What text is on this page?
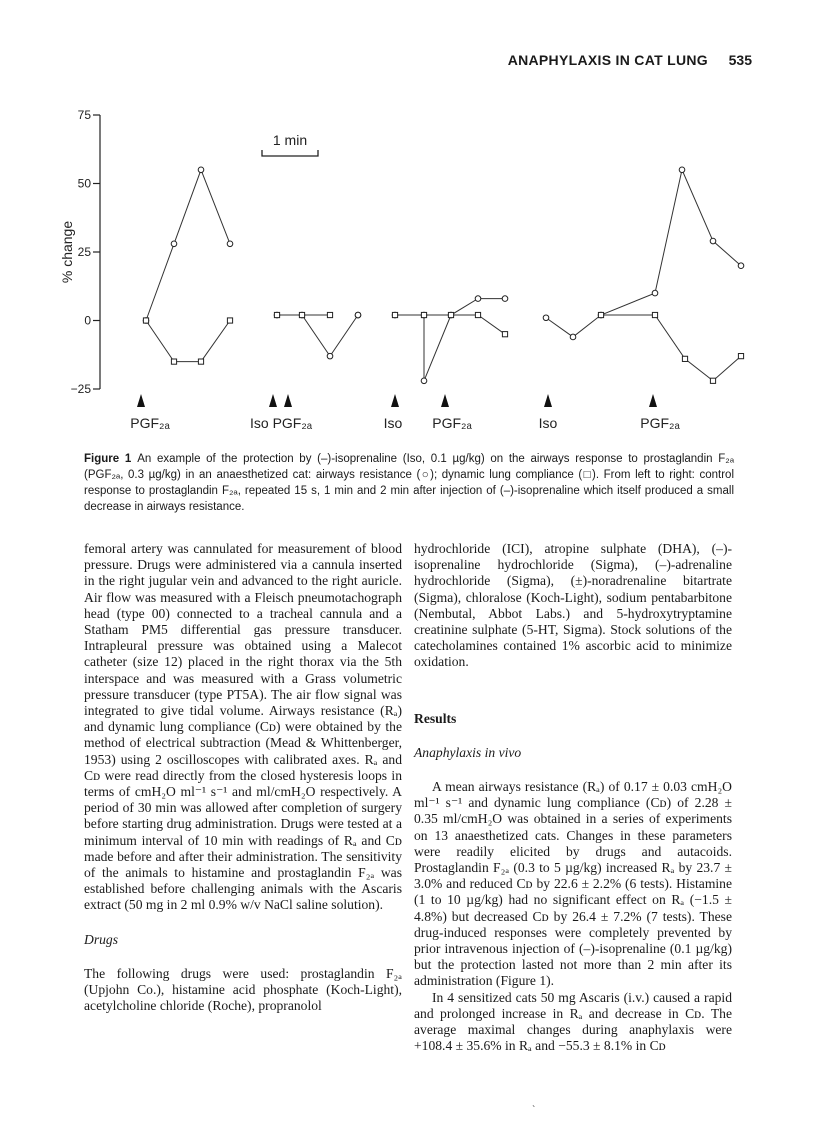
ANAPHYLAXIS IN CAT LUNG 535
75
50
25
0
−25
% change
1 min
PGF₂ₐ	Iso PGF₂ₐ	Iso PGF₂ₐ	Iso	PGF₂ₐ
Figure 1 An example of the protection by (–)-isoprenaline (Iso, 0.1 µg/kg) on the airways response to prostaglandin F₂ₐ (PGF₂ₐ, 0.3 µg/kg) in an anaesthetized cat: airways resistance (○); dynamic lung compliance (□). From left to right: control response to prostaglandin F₂ₐ, repeated 15 s, 1 min and 2 min after injection of (–)-isoprenaline which itself produced a small decrease in airways resistance.

femoral artery was cannulated for measurement of blood pressure. Drugs were administered via a cannula inserted in the right jugular vein and advanced to the right auricle. Air flow was measured with a Fleisch pneumotachograph head (type 00) connected to a tracheal cannula and a Statham PM5 differential gas pressure transducer. Intrapleural pressure was obtained using a Malecot catheter (size 12) placed in the right thorax via the 5th interspace and was measured with a Grass volumetric pressure transducer (type PT5A). The air flow signal was integrated to give tidal volume. Airways resistance (Rₐ) and dynamic lung compliance (Cᴅ) were obtained by the method of electrical subtraction (Mead & Whittenberger, 1953) using 2 oscilloscopes with calibrated axes. Rₐ and Cᴅ were read directly from the closed hysteresis loops in terms of cmH₂O ml⁻¹ s⁻¹ and ml/cmH₂O respectively. A period of 30 min was allowed after completion of surgery before starting drug administration. Drugs were tested at a minimum interval of 10 min with readings of Rₐ and Cᴅ made before and after their administration. The sensitivity of the animals to histamine and prostaglandin F₂ₐ was established before challenging animals with the Ascaris extract (50 mg in 2 ml 0.9% w/v NaCl saline solution).

Drugs

The following drugs were used: prostaglandin F₂ₐ (Upjohn Co.), histamine acid phosphate (Koch-Light), acetylcholine chloride (Roche), propranolol

hydrochloride (ICI), atropine sulphate (DHA), (–)-isoprenaline hydrochloride (Sigma), (–)-adrenaline hydrochloride (Sigma), (±)-noradrenaline bitartrate (Sigma), chloralose (Koch-Light), sodium pentabarbitone (Nembutal, Abbot Labs.) and 5-hydroxytryptamine creatinine sulphate (5-HT, Sigma). Stock solutions of the catecholamines contained 1% ascorbic acid to minimize oxidation.

Results

Anaphylaxis in vivo

A mean airways resistance (Rₐ) of 0.17 ± 0.03 cmH₂O ml⁻¹ s⁻¹ and dynamic lung compliance (Cᴅ) of 2.28 ± 0.35 ml/cmH₂O was obtained in a series of experiments on 13 anaesthetized cats. Changes in these parameters were readily elicited by drugs and autacoids. Prostaglandin F₂ₐ (0.3 to 5 µg/kg) increased Rₐ by 23.7 ± 3.0% and reduced Cᴅ by 22.6 ± 2.2% (6 tests). Histamine (1 to 10 µg/kg) had no significant effect on Rₐ (−1.5 ± 4.8%) but decreased Cᴅ by 26.4 ± 7.2% (7 tests). These drug-induced responses were completely prevented by prior intravenous injection of (–)-isoprenaline (0.1 µg/kg) but the protection lasted not more than 2 min after its administration (Figure 1).

In 4 sensitized cats 50 mg Ascaris (i.v.) caused a rapid and prolonged increase in Rₐ and decrease in Cᴅ. The average maximal changes during anaphylaxis were +108.4 ± 35.6% in Rₐ and −55.3 ± 8.1% in Cᴅ

`
